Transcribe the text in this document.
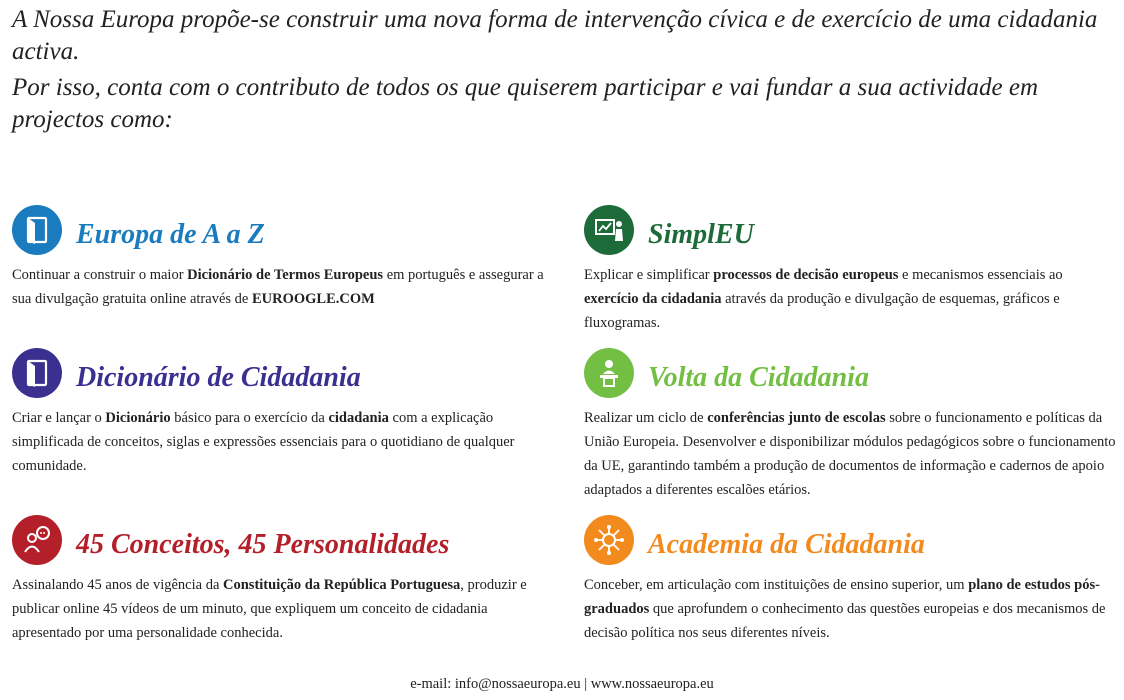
A Nossa Europa propõe-se construir uma nova forma de intervenção cívica e de exercício de uma cidadania activa.

Por isso, conta com o contributo de todos os que quiserem participar e vai fundar a sua actividade em projectos como:

Europa de A a Z
Continuar a construir o maior Dicionário de Termos Europeus em português e assegurar a sua divulgação gratuita online através de EUROOGLE.COM
SimplEU
Explicar e simplificar processos de decisão europeus e mecanismos essenciais ao exercício da cidadania através da produção e divulgação de esquemas, gráficos e fluxogramas.
Dicionário de Cidadania
Criar e lançar o Dicionário básico para o exercício da cidadania com a explicação simplificada de conceitos, siglas e expressões essenciais para o quotidiano de qualquer comunidade.
Volta da Cidadania
Realizar um ciclo de conferências junto de escolas sobre o funcionamento e políticas da União Europeia. Desenvolver e disponibilizar módulos pedagógicos sobre o funcionamento da UE, garantindo também a produção de documentos de informação e cadernos de apoio adaptados a diferentes escalões etários.
45 Conceitos, 45 Personalidades
Assinalando 45 anos de vigência da Constituição da República Portuguesa, produzir e publicar online 45 vídeos de um minuto, que expliquem um conceito de cidadania apresentado por uma personalidade conhecida.
Academia da Cidadania
Conceber, em articulação com instituições de ensino superior, um plano de estudos pós-graduados que aprofundem o conhecimento das questões europeias e dos mecanismos de decisão política nos seus diferentes níveis.
e-mail: info@nossaeuropa.eu | www.nossaeuropa.eu
